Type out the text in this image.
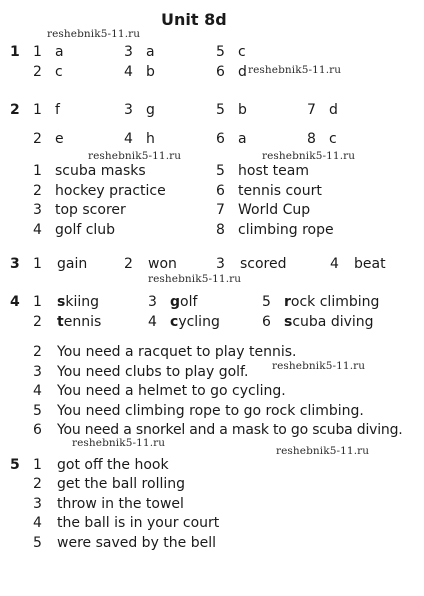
Unit 8d
reshebnik5-11.ru
reshebnik5-11.ru
reshebnik5-11.ru	reshebnik5-11.ru
reshebnik5-11.ru
reshebnik5-11.ru
reshebnik5-11.ru
reshebnik5-11.ru
1 1 a	3 a	5 c
2 c	4 b	6 d
2 1 f	3 g	5 b	7 d
2 e	4 h	6 a	8 c
1 scuba masks	5 host team
2 hockey practice	6 tennis court
3 top scorer	7 World Cup
4 golf club	8 climbing rope
3 1 gain	2 won	3 scored	4 beat
4 1 skiing	3 golf	5 rock climbing
2 tennis	4 cycling	6 scuba diving
2 You need a racquet to play tennis.
3 You need clubs to play golf.
4 You need a helmet to go cycling.
5 You need climbing rope to go rock climbing.
6 You need a snorkel and a mask to go scuba diving.
5 1 got off the hook
2 get the ball rolling
3 throw in the towel
4 the ball is in your court
5 were saved by the bell
